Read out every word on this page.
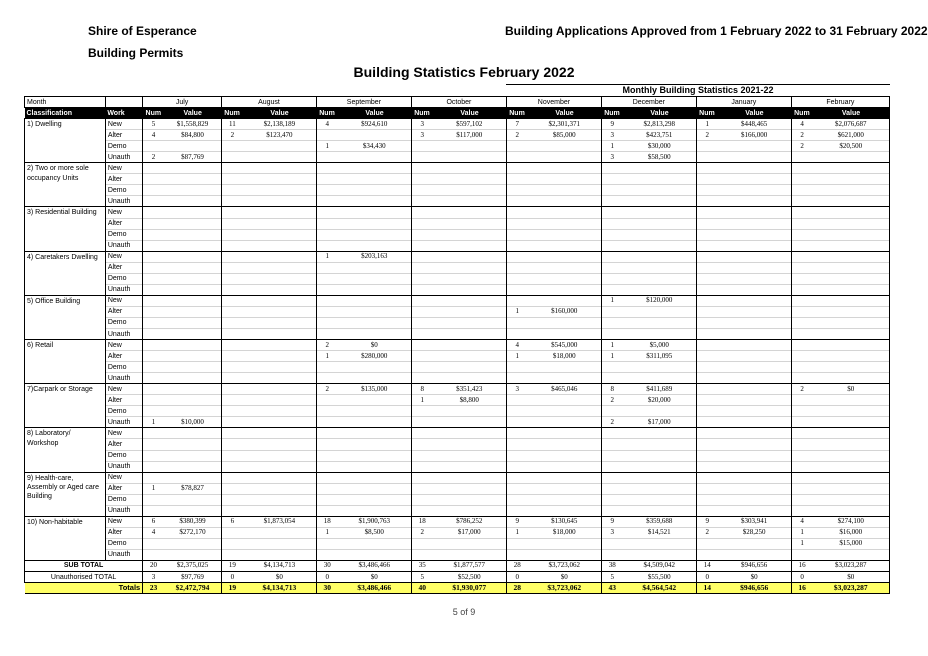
Shire of Esperance
Building Permits
Building Applications Approved from 1 February 2022 to 31 February 2022
Building Statistics February 2022
										Monthly Building Statistics 2021-22							
Month		July		August		September		October		November		December		January		February	
Classification	Work	Num	Value	Num	Value	Num	Value	Num	Value	Num	Value	Num	Value	Num	Value	Num	Value
1) Dwelling	New	5	$1,558,829	11	$2,138,189	4	$924,610	3	$597,102	7	$2,301,371	9	$2,813,298	1	$448,465	4	$2,076,687
	Alter	4	$84,800	2	$123,470			3	$117,000	2	$85,000	3	$423,751	2	$166,000	2	$621,000
	Demo					1	$34,430					1	$30,000			2	$20,500
	Unauth	2	$87,769									3	$58,500				
2) Two or more sole occupancy Units	New																
	Alter																
	Demo																
	Unauth																
3) Residential Building	New																
	Alter																
	Demo																
	Unauth																
4) Caretakers Dwelling	New					1	$203,163										
	Alter																
	Demo																
	Unauth																
5) Office Building	New											1	$120,000				
	Alter									1	$160,000						
	Demo																
	Unauth																
6) Retail	New					2	$0			4	$545,000	1	$5,000				
	Alter					1	$280,000			1	$18,000	1	$311,095				
	Demo																
	Unauth																
7)Carpark or Storage	New					2	$135,000	8	$351,423	3	$465,046	8	$411,689			2	$0
	Alter							1	$8,800			2	$20,000				
	Demo																
	Unauth	1	$10,000									2	$17,000				
8) Laboratory/ Workshop	New																
	Alter																
	Demo																
	Unauth																
9) Health-care, Assembly or Aged care Building	New																
	Alter	1	$78,827														
	Demo																
	Unauth																
10) Non-habitable	New	6	$380,399	6	$1,873,054	18	$1,900,763	18	$786,252	9	$130,645	9	$359,688	9	$303,941	4	$274,100
	Alter	4	$272,170			1	$8,500	2	$17,000	1	$18,000	3	$14,521	2	$28,250	1	$16,000
	Demo															1	$15,000
	Unauth																
SUB TOTAL		20	$2,375,025	19	$4,134,713	30	$3,486,466	35	$1,877,577	28	$3,723,062	38	$4,509,042	14	$946,656	16	$3,023,287
Unauthorised TOTAL		3	$97,769	0	$0	0	$0	5	$52,500	0	$0	5	$55,500	0	$0	0	$0
Totals		23	$2,472,794	19	$4,134,713	30	$3,486,466	40	$1,930,077	28	$3,723,062	43	$4,564,542	14	$946,656	16	$3,023,287
5 of 9
